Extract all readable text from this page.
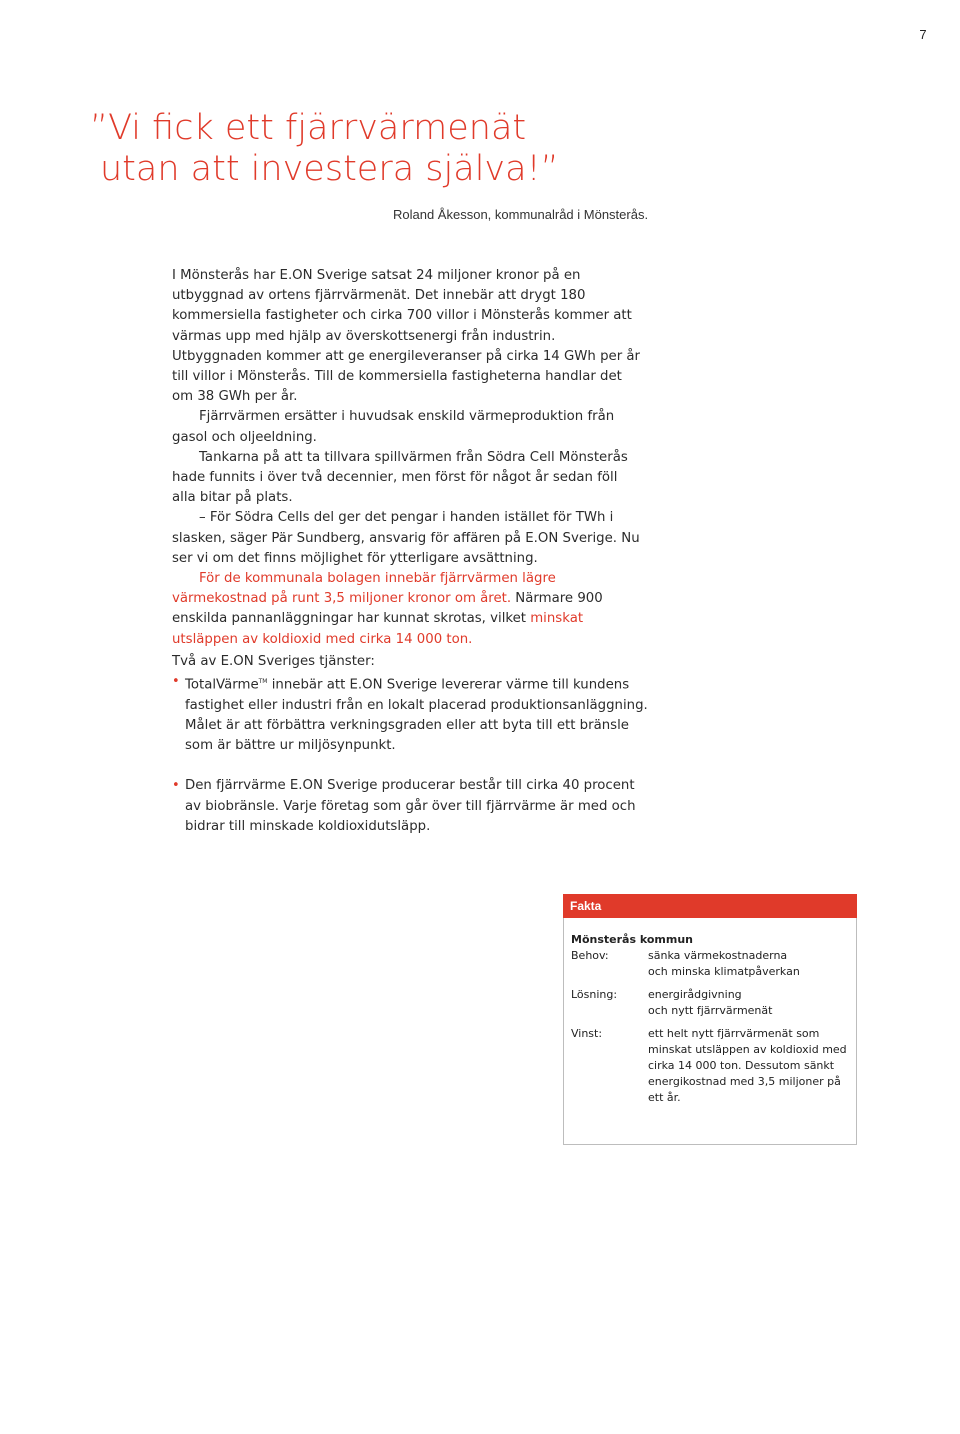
7
”Vi fick ett fjärrvärmenät
utan att investera själva!”
Roland Åkesson, kommunalråd i Mönsterås.

I Mönsterås har E.ON Sverige satsat 24 miljoner kronor på en utbyggnad av ortens fjärrvärmenät. Det innebär att drygt 180 kommersiella fastigheter och cirka 700 villor i Mönsterås kommer att värmas upp med hjälp av överskottsenergi från industrin. Utbyggnaden kommer att ge energileveranser på cirka 14 GWh per år till villor i Mönsterås. Till de kommersiella fastigheterna handlar det om 38 GWh per år.

Fjärrvärmen ersätter i huvudsak enskild värmeproduktion från gasol och oljeeldning.

Tankarna på att ta tillvara spillvärmen från Södra Cell Mönsterås hade funnits i över två decennier, men först för något år sedan föll alla bitar på plats.

– För Södra Cells del ger det pengar i handen istället för TWh i slasken, säger Pär Sundberg, ansvarig för affären på E.ON Sverige. Nu ser vi om det finns möjlighet för ytterligare avsättning.

För de kommunala bolagen innebär fjärrvärmen lägre värmekostnad på runt 3,5 miljoner kronor om året. Närmare 900 enskilda pannanläggningar har kunnat skrotas, vilket minskat utsläppen av koldioxid med cirka 14 000 ton.

Två av E.ON Sveriges tjänster:

• TotalVärme™ innebär att E.ON Sverige levererar värme till kundens fastighet eller industri från en lokalt placerad produktionsanläggning. Målet är att förbättra verkningsgraden eller att byta till ett bränsle som är bättre ur miljösynpunkt.
• Den fjärrvärme E.ON Sverige producerar består till cirka 40 procent av biobränsle. Varje företag som går över till fjärrvärme är med och bidrar till minskade koldioxidutsläpp.
Fakta
Mönsterås kommun
Behov:	sänka värmekostnaderna
och minska klimatpåverkan
Lösning:	energirådgivning
och nytt fjärrvärmenät
Vinst:	ett helt nytt fjärrvärmenät som minskat utsläppen av koldioxid med cirka 14 000 ton. Dessutom sänkt energikostnad med 3,5 miljoner på ett år.
